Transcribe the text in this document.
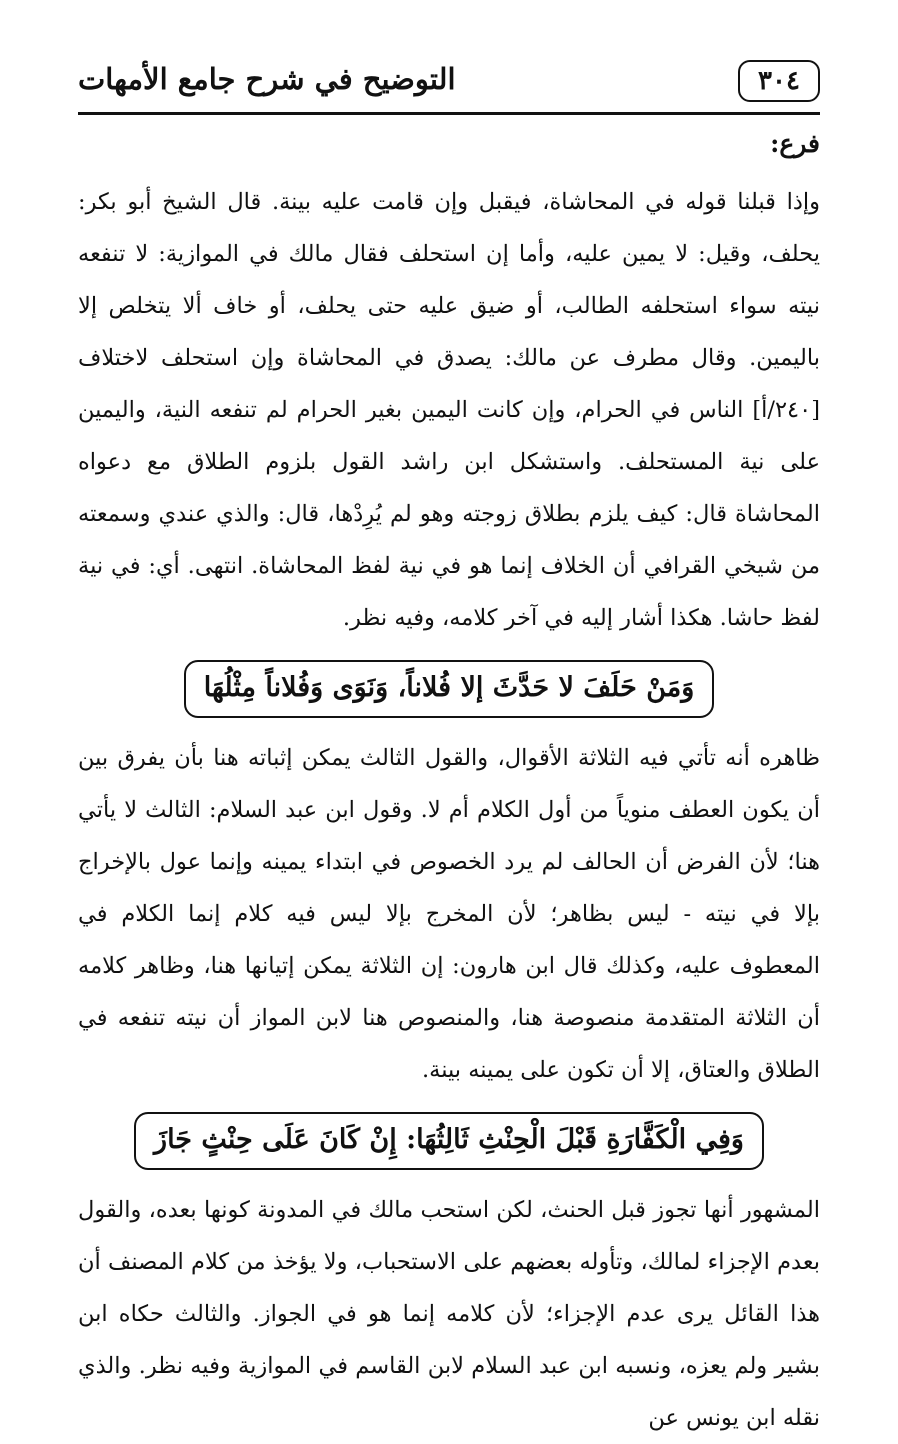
٣٠٤
التوضيح في شرح جامع الأمهات
فرع:

وإذا قبلنا قوله في المحاشاة، فيقبل وإن قامت عليه بينة. قال الشيخ أبو بكر: يحلف، وقيل: لا يمين عليه، وأما إن استحلف فقال مالك في الموازية: لا تنفعه نيته سواء استحلفه الطالب، أو ضيق عليه حتى يحلف، أو خاف ألا يتخلص إلا باليمين. وقال مطرف عن مالك: يصدق في المحاشاة وإن استحلف لاختلاف [٢٤٠/أ] الناس في الحرام، وإن كانت اليمين بغير الحرام لم تنفعه النية، واليمين على نية المستحلف. واستشكل ابن راشد القول بلزوم الطلاق مع دعواه المحاشاة قال: كيف يلزم بطلاق زوجته وهو لم يُرِدْها، قال: والذي عندي وسمعته من شيخي القرافي أن الخلاف إنما هو في نية لفظ المحاشاة. انتهى. أي: في نية لفظ حاشا. هكذا أشار إليه في آخر كلامه، وفيه نظر.

وَمَنْ حَلَفَ لا حَدَّثَ إلا فُلاناً، وَنَوَى وَفُلاناً مِثْلُهَا

ظاهره أنه تأتي فيه الثلاثة الأقوال، والقول الثالث يمكن إثباته هنا بأن يفرق بين أن يكون العطف منوياً من أول الكلام أم لا. وقول ابن عبد السلام: الثالث لا يأتي هنا؛ لأن الفرض أن الحالف لم يرد الخصوص في ابتداء يمينه وإنما عول بالإخراج بإلا في نيته - ليس بظاهر؛ لأن المخرج بإلا ليس فيه كلام إنما الكلام في المعطوف عليه، وكذلك قال ابن هارون: إن الثلاثة يمكن إتيانها هنا، وظاهر كلامه أن الثلاثة المتقدمة منصوصة هنا، والمنصوص هنا لابن المواز أن نيته تنفعه في الطلاق والعتاق، إلا أن تكون على يمينه بينة.

وَفِي الْكَفَّارَةِ قَبْلَ الْحِنْثِ ثَالِثُهَا: إِنْ كَانَ عَلَى حِنْثٍ جَازَ

المشهور أنها تجوز قبل الحنث، لكن استحب مالك في المدونة كونها بعده، والقول بعدم الإجزاء لمالك، وتأوله بعضهم على الاستحباب، ولا يؤخذ من كلام المصنف أن هذا القائل يرى عدم الإجزاء؛ لأن كلامه إنما هو في الجواز. والثالث حكاه ابن بشير ولم يعزه، ونسبه ابن عبد السلام لابن القاسم في الموازية وفيه نظر. والذي نقله ابن يونس عن
